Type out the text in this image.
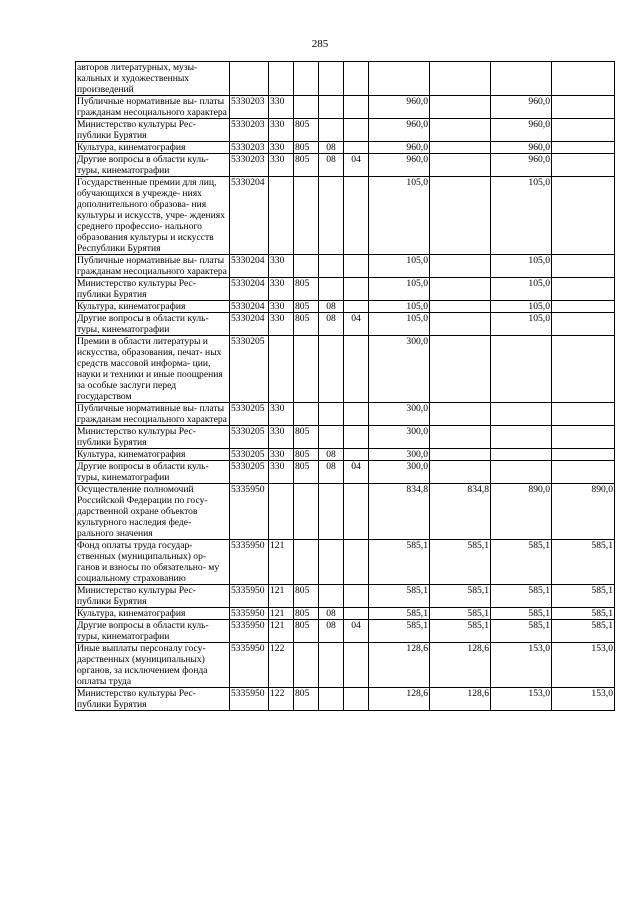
285
авторов литературных, музы- кальных и художественных произведений									
Публичные нормативные вы- платы гражданам несоциального характера	5330203	330				960,0		960,0	
Министерство культуры Рес- публики Бурятия	5330203	330	805			960,0		960,0	
Культура, кинематография	5330203	330	805	08		960,0		960,0	
Другие вопросы в области куль- туры, кинематографии	5330203	330	805	08	04	960,0		960,0	
Государственные премии для лиц, обучающихся в учрежде- ниях дополнительного образова- ния культуры и искусств, учре- ждениях среднего профессио- нального образования культуры и искусств Республики Бурятия	5330204					105,0		105,0	
Публичные нормативные вы- платы гражданам несоциального характера	5330204	330				105,0		105,0	
Министерство культуры Рес- публики Бурятия	5330204	330	805			105,0		105,0	
Культура, кинематография	5330204	330	805	08		105,0		105,0	
Другие вопросы в области куль- туры, кинематографии	5330204	330	805	08	04	105,0		105,0	
Премии в области литературы и искусства, образования, печат- ных средств массовой информа- ции, науки и техники и иные поощрения за особые заслуги перед государством	5330205					300,0			
Публичные нормативные вы- платы гражданам несоциального характера	5330205	330				300,0			
Министерство культуры Рес- публики Бурятия	5330205	330	805			300,0			
Культура, кинематография	5330205	330	805	08		300,0			
Другие вопросы в области куль- туры, кинематографии	5330205	330	805	08	04	300,0			
Осуществление полномочий Российской Федерации по госу- дарственной охране объектов культурного наследия феде- рального значения	5335950					834,8	834,8	890,0	890,0
Фонд оплаты труда государ- ственных (муниципальных) ор- ганов и взносы по обязательно- му социальному страхованию	5335950	121				585,1	585,1	585,1	585,1
Министерство культуры Рес- публики Бурятия	5335950	121	805			585,1	585,1	585,1	585,1
Культура, кинематография	5335950	121	805	08		585,1	585,1	585,1	585,1
Другие вопросы в области куль- туры, кинематографии	5335950	121	805	08	04	585,1	585,1	585,1	585,1
Иные выплаты персоналу госу- дарственных (муниципальных) органов, за исключением фонда оплаты труда	5335950	122				128,6	128,6	153,0	153,0
Министерство культуры Рес- публики Бурятия	5335950	122	805			128,6	128,6	153,0	153,0
